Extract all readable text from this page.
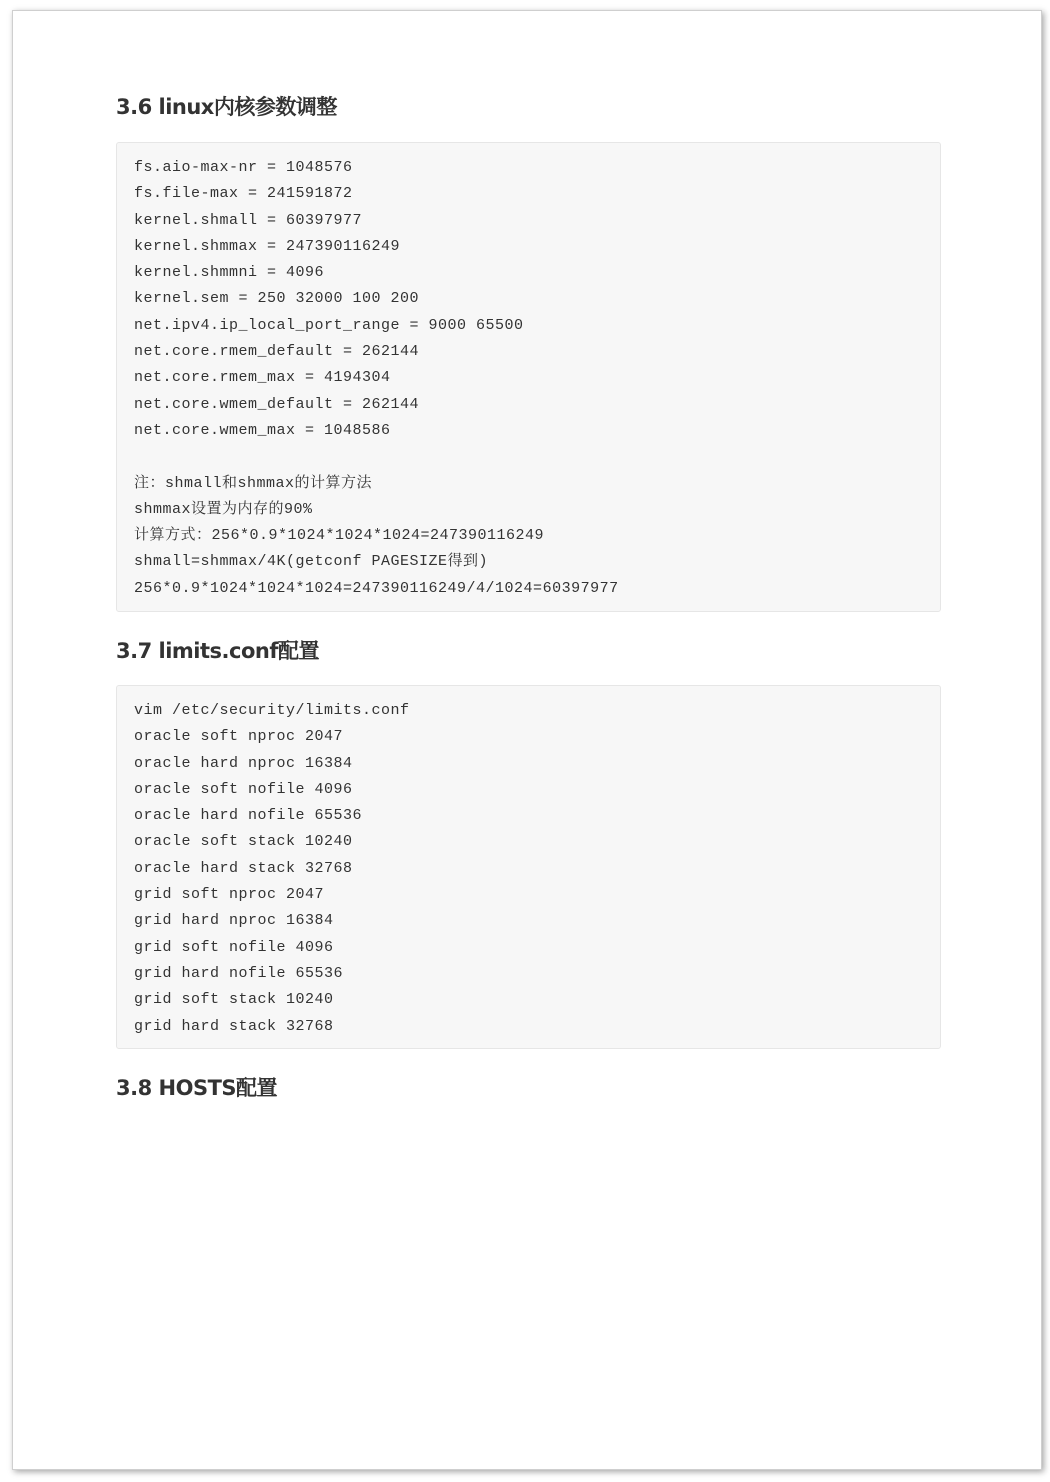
3.6 linux内核参数调整
fs.aio-max-nr = 1048576
fs.file-max = 241591872
kernel.shmall = 60397977
kernel.shmmax = 247390116249
kernel.shmmni = 4096
kernel.sem = 250 32000 100 200
net.ipv4.ip_local_port_range = 9000 65500
net.core.rmem_default = 262144
net.core.rmem_max = 4194304
net.core.wmem_default = 262144
net.core.wmem_max = 1048586
注：shmall和shmmax的计算方法
shmmax设置为内存的90%
计算方式：256*0.9*1024*1024*1024=247390116249
shmall=shmmax/4K(getconf PAGESIZE得到)
256*0.9*1024*1024*1024=247390116249/4/1024=60397977
3.7 limits.conf配置
vim /etc/security/limits.conf
oracle soft nproc 2047
oracle hard nproc 16384
oracle soft nofile 4096
oracle hard nofile 65536
oracle soft stack 10240
oracle hard stack 32768
grid soft nproc 2047
grid hard nproc 16384
grid soft nofile 4096
grid hard nofile 65536
grid soft stack 10240
grid hard stack 32768
3.8 HOSTS配置
